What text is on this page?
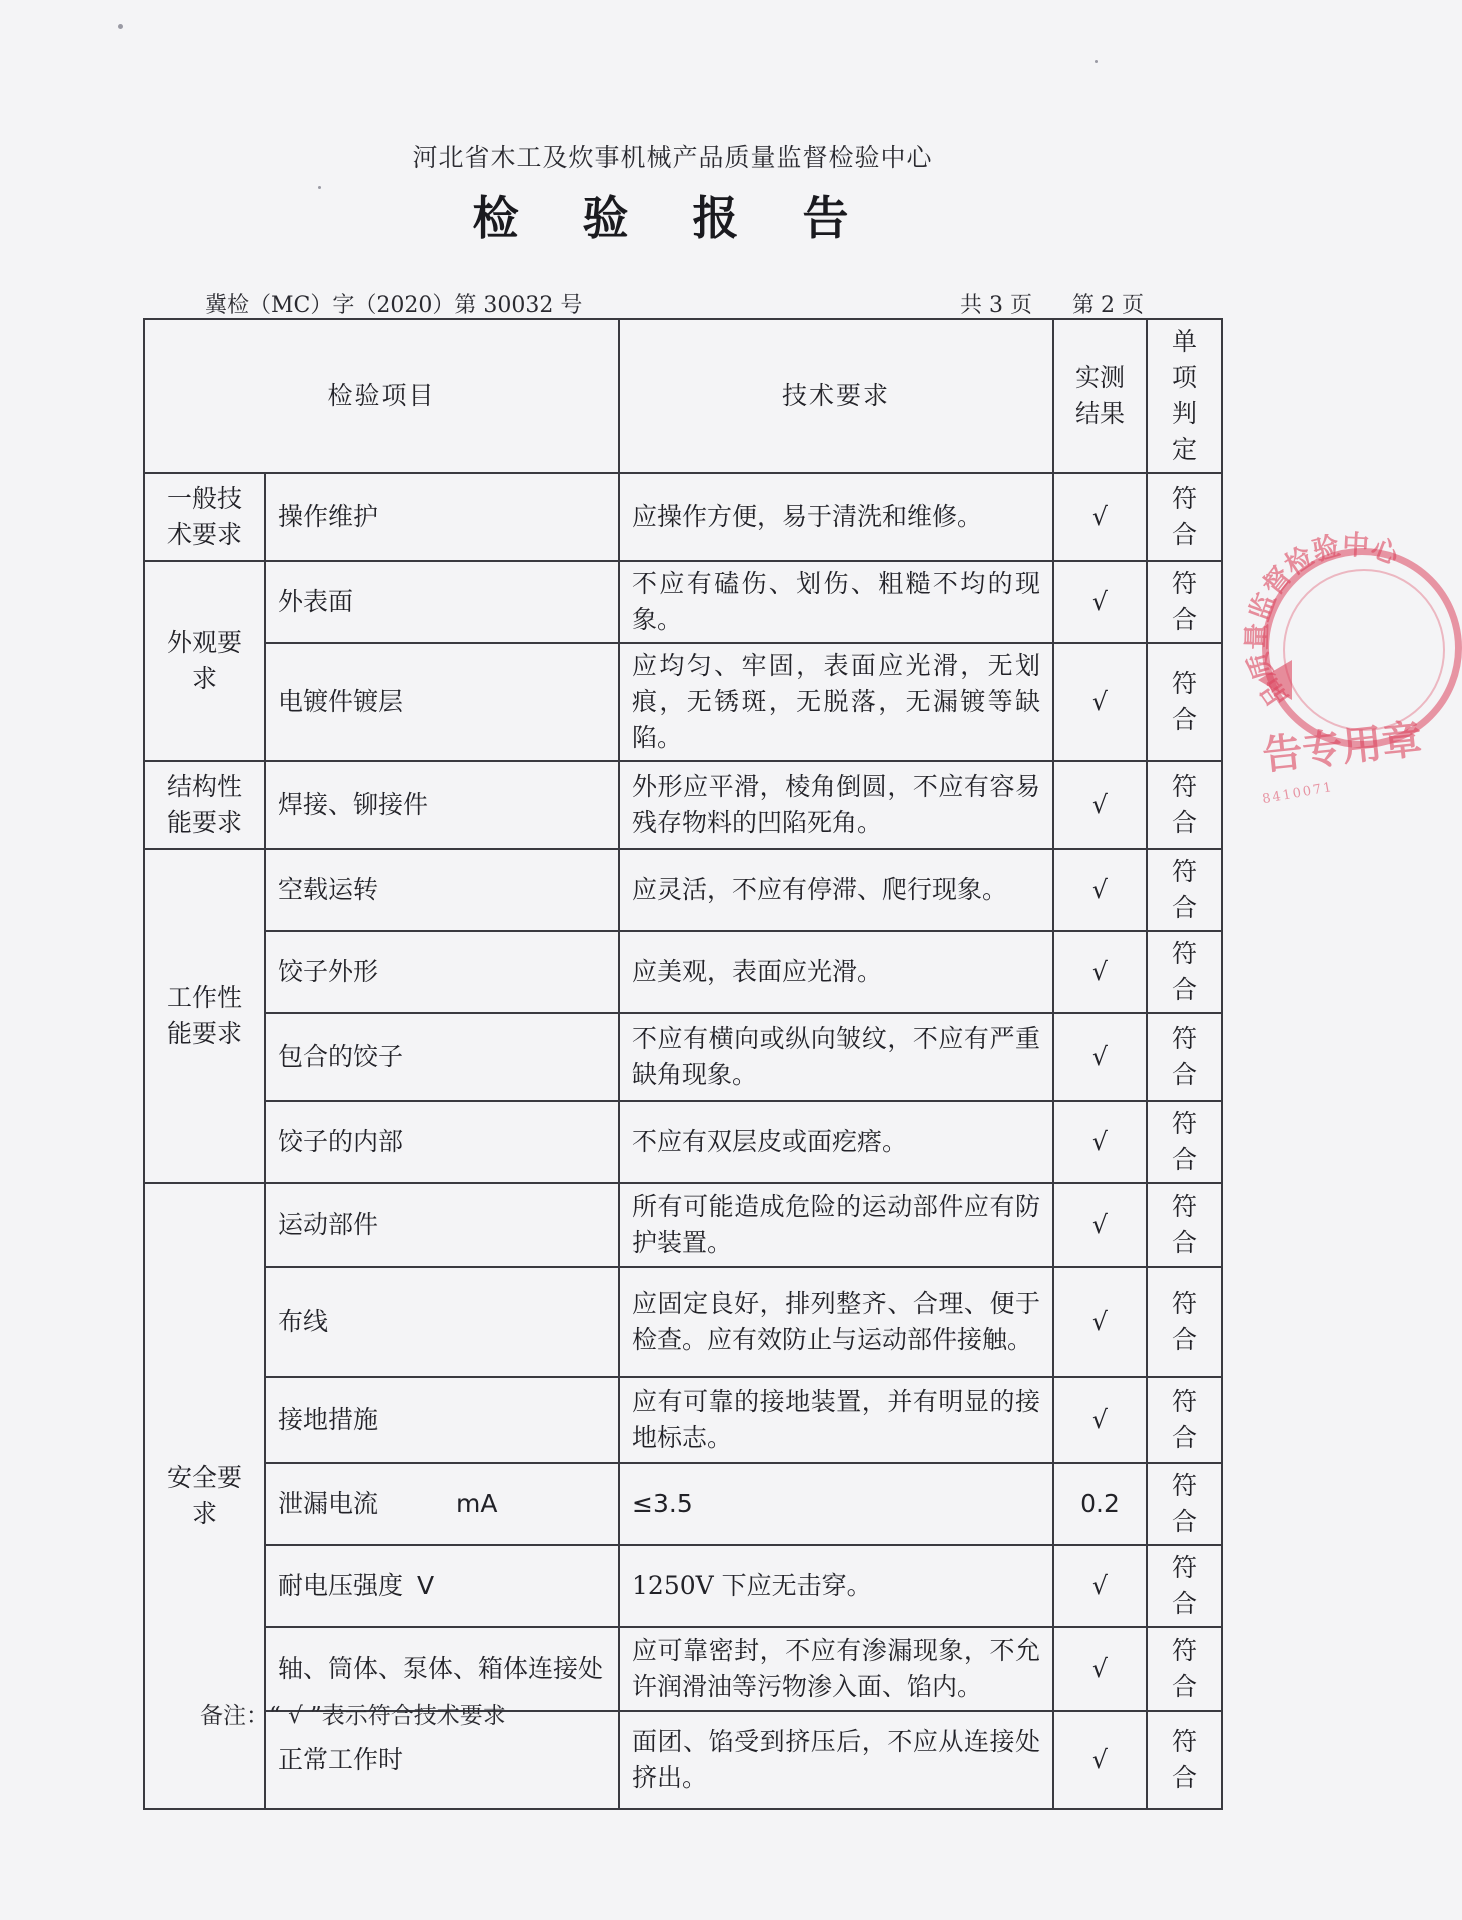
河北省木工及炊事机械产品质量监督检验中心
检 验 报 告
冀检（MC）字（2020）第 30032 号	共 3 页 第 2 页
检验项目		技术要求	实测结果	单项判定
一般技术要求	操作维护	应操作方便，易于清洗和维修。	√	符合
外观要求	外表面	不应有磕伤、划伤、粗糙不均的现象。	√	符合
	电镀件镀层	应均匀、牢固，表面应光滑，无划痕，无锈斑，无脱落，无漏镀等缺陷。	√	符合
结构性能要求	焊接、铆接件	外形应平滑，棱角倒圆，不应有容易残存物料的凹陷死角。	√	符合
工作性能要求	空载运转	应灵活，不应有停滞、爬行现象。	√	符合
	饺子外形	应美观，表面应光滑。	√	符合
	包合的饺子	不应有横向或纵向皱纹，不应有严重缺角现象。	√	符合
	饺子的内部	不应有双层皮或面疙瘩。	√	符合
安全要求	运动部件	所有可能造成危险的运动部件应有防护装置。	√	符合
	布线	应固定良好，排列整齐、合理、便于检查。应有效防止与运动部件接触。	√	符合
	接地措施	应有可靠的接地装置，并有明显的接地标志。	√	符合
	泄漏电流 mA	≤3.5	0.2	符合
	耐电压强度 V	1250V 下应无击穿。	√	符合
	轴、筒体、泵体、箱体连接处	应可靠密封，不应有渗漏现象，不允许润滑油等污物渗入面、馅内。	√	符合
	正常工作时	面团、馅受到挤压后，不应从连接处挤出。	√	符合
备注：“ √ ”表示符合技术要求
品质量监督检验中心
告专用章
8410071
